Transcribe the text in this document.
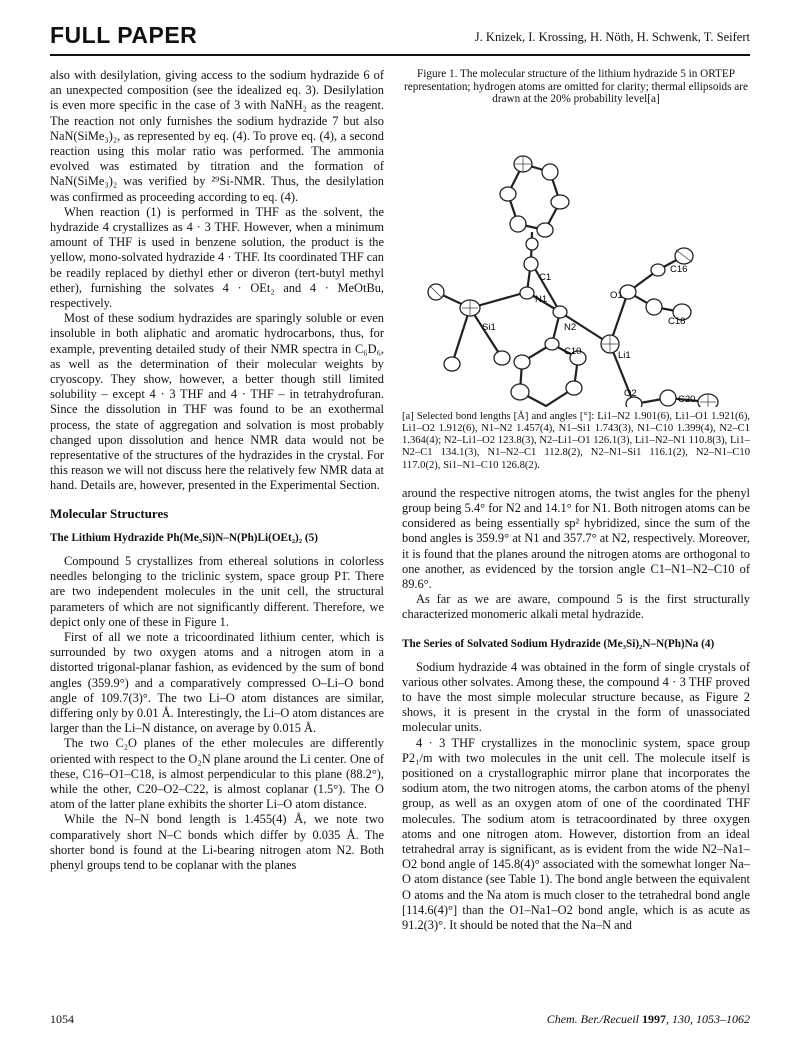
FULL PAPER	J. Knizek, I. Krossing, H. Nöth, H. Schwenk, T. Seifert

also with desilylation, giving access to the sodium hydrazide 6 of an unexpected composition (see the idealized eq. 3). Desilylation is even more specific in the case of 3 with NaNH₂ as the reagent. The reaction not only furnishes the sodium hydrazide 7 but also NaN(SiMe₃)₂, as represented by eq. (4). To prove eq. (4), a second reaction using this molar ratio was performed. The ammonia evolved was estimated by titration and the formation of NaN(SiMe₃)₂ was verified by ²⁹Si-NMR. Thus, the desilylation was confirmed as proceeding according to eq. (4).

When reaction (1) is performed in THF as the solvent, the hydrazide 4 crystallizes as 4 · 3 THF. However, when a minimum amount of THF is used in benzene solution, the product is the yellow, mono-solvated hydrazide 4 · THF. Its coordinated THF can be readily replaced by diethyl ether or diveron (tert-butyl methyl ether), furnishing the solvates 4 · OEt₂ and 4 · MeOtBu, respectively.

Most of these sodium hydrazides are sparingly soluble or even insoluble in both aliphatic and aromatic hydrocarbons, thus, for example, preventing detailed study of their NMR spectra in C₆D₆, as well as the determination of their molecular weights by cryoscopy. They show, however, a better though still limited solubility – except 4 · 3 THF and 4 · THF – in tetrahydrofuran. Since the dissolution in THF was found to be an exothermal process, the state of aggregation and solvation is most probably changed upon dissolution and hence NMR data would not be representative of the structures of the hydrazides in the crystal. For this reason we will not discuss here the relatively few NMR data at hand. Details are, however, presented in the Experimental Section.

Molecular Structures
The Lithium Hydrazide Ph(Me₃Si)N–N(Ph)Li(OEt₂)₂ (5)

Compound 5 crystallizes from ethereal solutions in colorless needles belonging to the triclinic system, space group P1̄. There are two independent molecules in the unit cell, the structural parameters of which are not significantly different. Therefore, we depict only one of these in Figure 1.

First of all we note a tricoordinated lithium center, which is surrounded by two oxygen atoms and a nitrogen atom in a distorted trigonal-planar fashion, as evidenced by the sum of bond angles (359.9°) and a comparatively compressed O–Li–O bond angle of 109.7(3)°. The two Li–O atom distances are similar, differing only by 0.01 Å. Interestingly, the Li–O atom distances are larger than the Li–N distance, on average by 0.015 Å.

The two C₂O planes of the ether molecules are differently oriented with respect to the O₂N plane around the Li center. One of these, C16–O1–C18, is almost perpendicular to this plane (88.2°), while the other, C20–O2–C22, is almost coplanar (1.5°). The O atom of the latter plane exhibits the shorter Li–O atom distance.

While the N–N bond length is 1.455(4) Å, we note two comparatively short N–C bonds which differ by 0.035 Å. The shorter bond is found at the Li-bearing nitrogen atom N2. Both phenyl groups tend to be coplanar with the planes

Figure 1. The molecular structure of the lithium hydrazide 5 in ORTEP representation; hydrogen atoms are omitted for clarity; thermal ellipsoids are drawn at the 20% probability level[a]
C16
O1
C18
C1
N1
Si1	N2
Li1
C10
C20
O2
[a] Selected bond lengths [Å] and angles [°]: Li1–N2 1.901(6), Li1–O1 1.921(6), Li1–O2 1.912(6), N1–N2 1.457(4), N1–Si1 1.743(3), N1–C10 1.399(4), N2–C1 1.364(4); N2–Li1–O2 123.8(3), N2–Li1–O1 126.1(3), Li1–N2–N1 110.8(3), Li1–N2–C1 134.1(3), N1–N2–C1 112.8(2), N2–N1–Si1 116.1(2), N2–N1–C10 117.0(2), Si1–N1–C10 126.8(2).

around the respective nitrogen atoms, the twist angles for the phenyl group being 5.4° for N2 and 14.1° for N1. Both nitrogen atoms can be considered as being essentially sp² hybridized, since the sum of the bond angles is 359.9° at N1 and 357.7° at N2, respectively. Moreover, it is found that the planes around the nitrogen atoms are orthogonal to one another, as evidenced by the torsion angle C1–N1–N2–C10 of 89.6°.

As far as we are aware, compound 5 is the first structurally characterized monomeric alkali metal hydrazide.

The Series of Solvated Sodium Hydrazide (Me₃Si)₂N–N(Ph)Na (4)

Sodium hydrazide 4 was obtained in the form of single crystals of various other solvates. Among these, the compound 4 · 3 THF proved to have the most simple molecular structure because, as Figure 2 shows, it is present in the crystal in the form of unassociated molecular units.

4 · 3 THF crystallizes in the monoclinic system, space group P2₁/m with two molecules in the unit cell. The molecule itself is positioned on a crystallographic mirror plane that incorporates the sodium atom, the two nitrogen atoms, the carbon atoms of the phenyl group, as well as an oxygen atom of one of the coordinated THF molecules. The sodium atom is tetracoordinated by three oxygen atoms and one nitrogen atom. However, distortion from an ideal tetrahedral array is significant, as is evident from the wide N2–Na1–O2 bond angle of 145.8(4)° associated with the somewhat longer Na–O atom distance (see Table 1). The bond angle between the equivalent O atoms and the Na atom is much closer to the tetrahedral bond angle [114.6(4)°] than the O1–Na1–O2 bond angle, which is as acute as 91.2(3)°. It should be noted that the Na–N and

1054	Chem. Ber./Recueil 1997, 130, 1053–1062
